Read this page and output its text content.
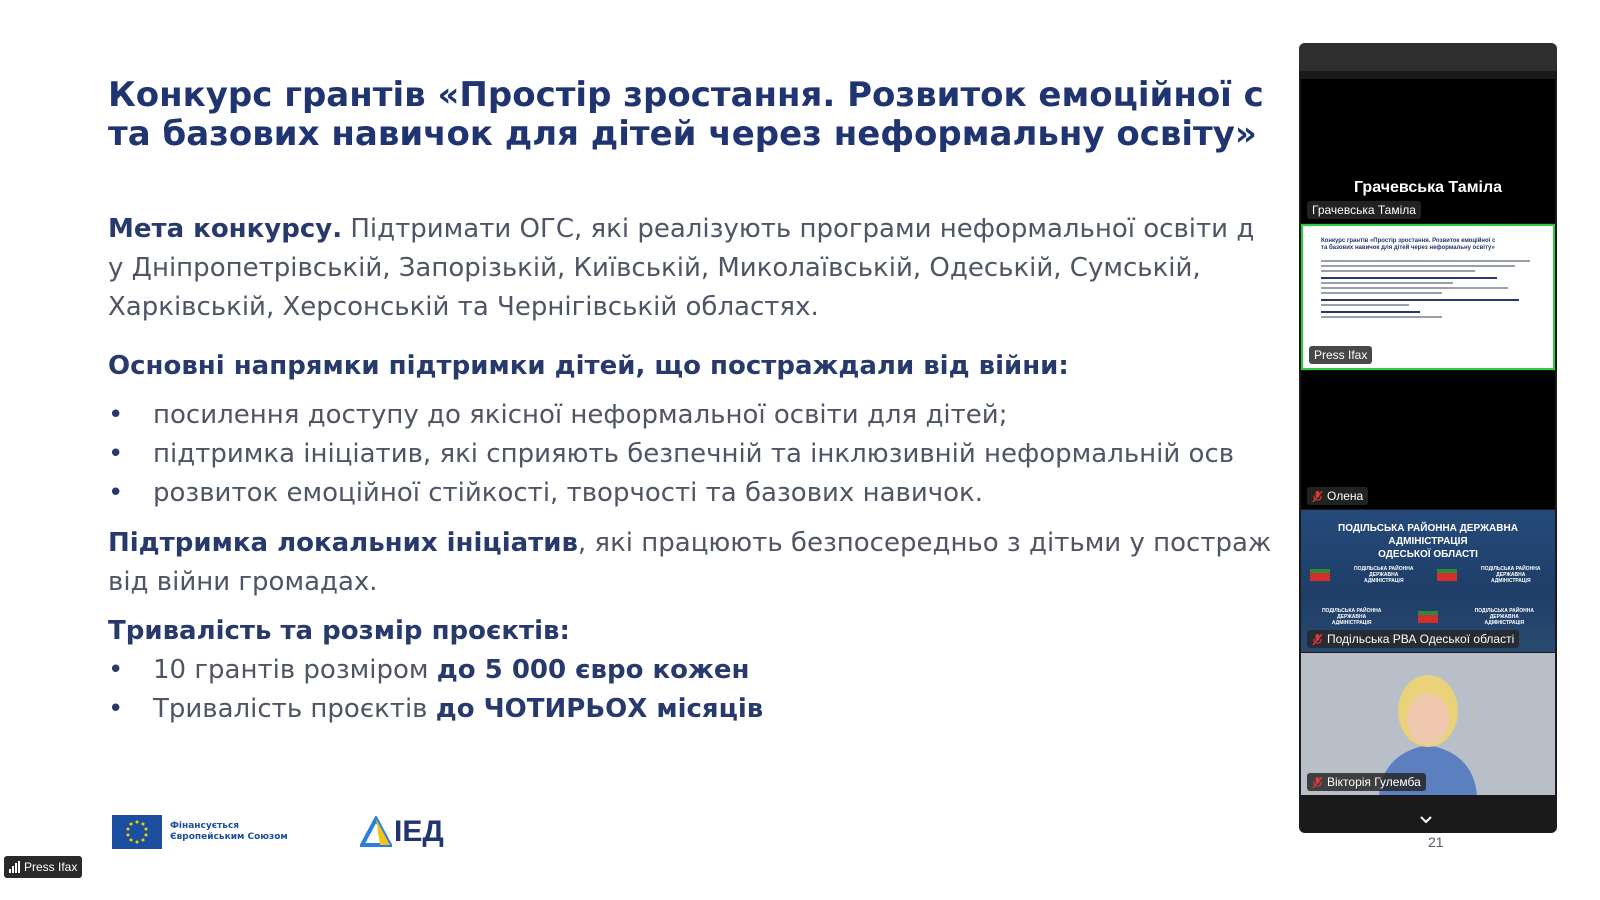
Конкурс грантів «Простір зростання. Розвиток емоційної с
та базових навичок для дітей через неформальну освіту»
Мета конкурсу. Підтримати ОГС, які реалізують програми неформальної освіти д
у Дніпропетрівській, Запорізькій, Київській, Миколаївській, Одеській, Сумській,
Харківській, Херсонській та Чернігівській областях.
Основні напрямки підтримки дітей, що постраждали від війни:
• посилення доступу до якісної неформальної освіти для дітей;
• підтримка ініціатив, які сприяють безпечній та інклюзивній неформальній осв
• розвиток емоційної стійкості, творчості та базових навичок.
Підтримка локальних ініціатив, які працюють безпосередньо з дітьми у постраж
від війни громадах.
Тривалість та розмір проєктів:
• 10 грантів розміром до 5 000 євро кожен
• Тривалість проєктів до ЧОТИРЬОХ місяців
Фінансується Європейським Союзом	ІЕД	21
Грачевська Таміла
Грачевська Таміла
Конкурс грантів «Простір зростання. Розвиток емоційної с
та базових навичок для дітей через неформальну освіту»
Press Ifax
Олена
ПОДІЛЬСЬКА РАЙОННА ДЕРЖАВНА АДМІНІСТРАЦІЯ
ОДЕСЬКОЇ ОБЛАСТІ
ПОДІЛЬСЬКА РАЙОННА ДЕРЖАВНА АДМІНІСТРАЦІЯ
ПОДІЛЬСЬКА РАЙОННА ДЕРЖАВНА АДМІНІСТРАЦІЯ
ПОДІЛЬСЬКА РАЙОННА ДЕРЖАВНА АДМІНІСТРАЦІЯ
ПОДІЛЬСЬКА РАЙОННА ДЕРЖАВНА АДМІНІСТРАЦІЯ
Подільська РВА Одеської області
Вікторія Гулемба
Press Ifax
